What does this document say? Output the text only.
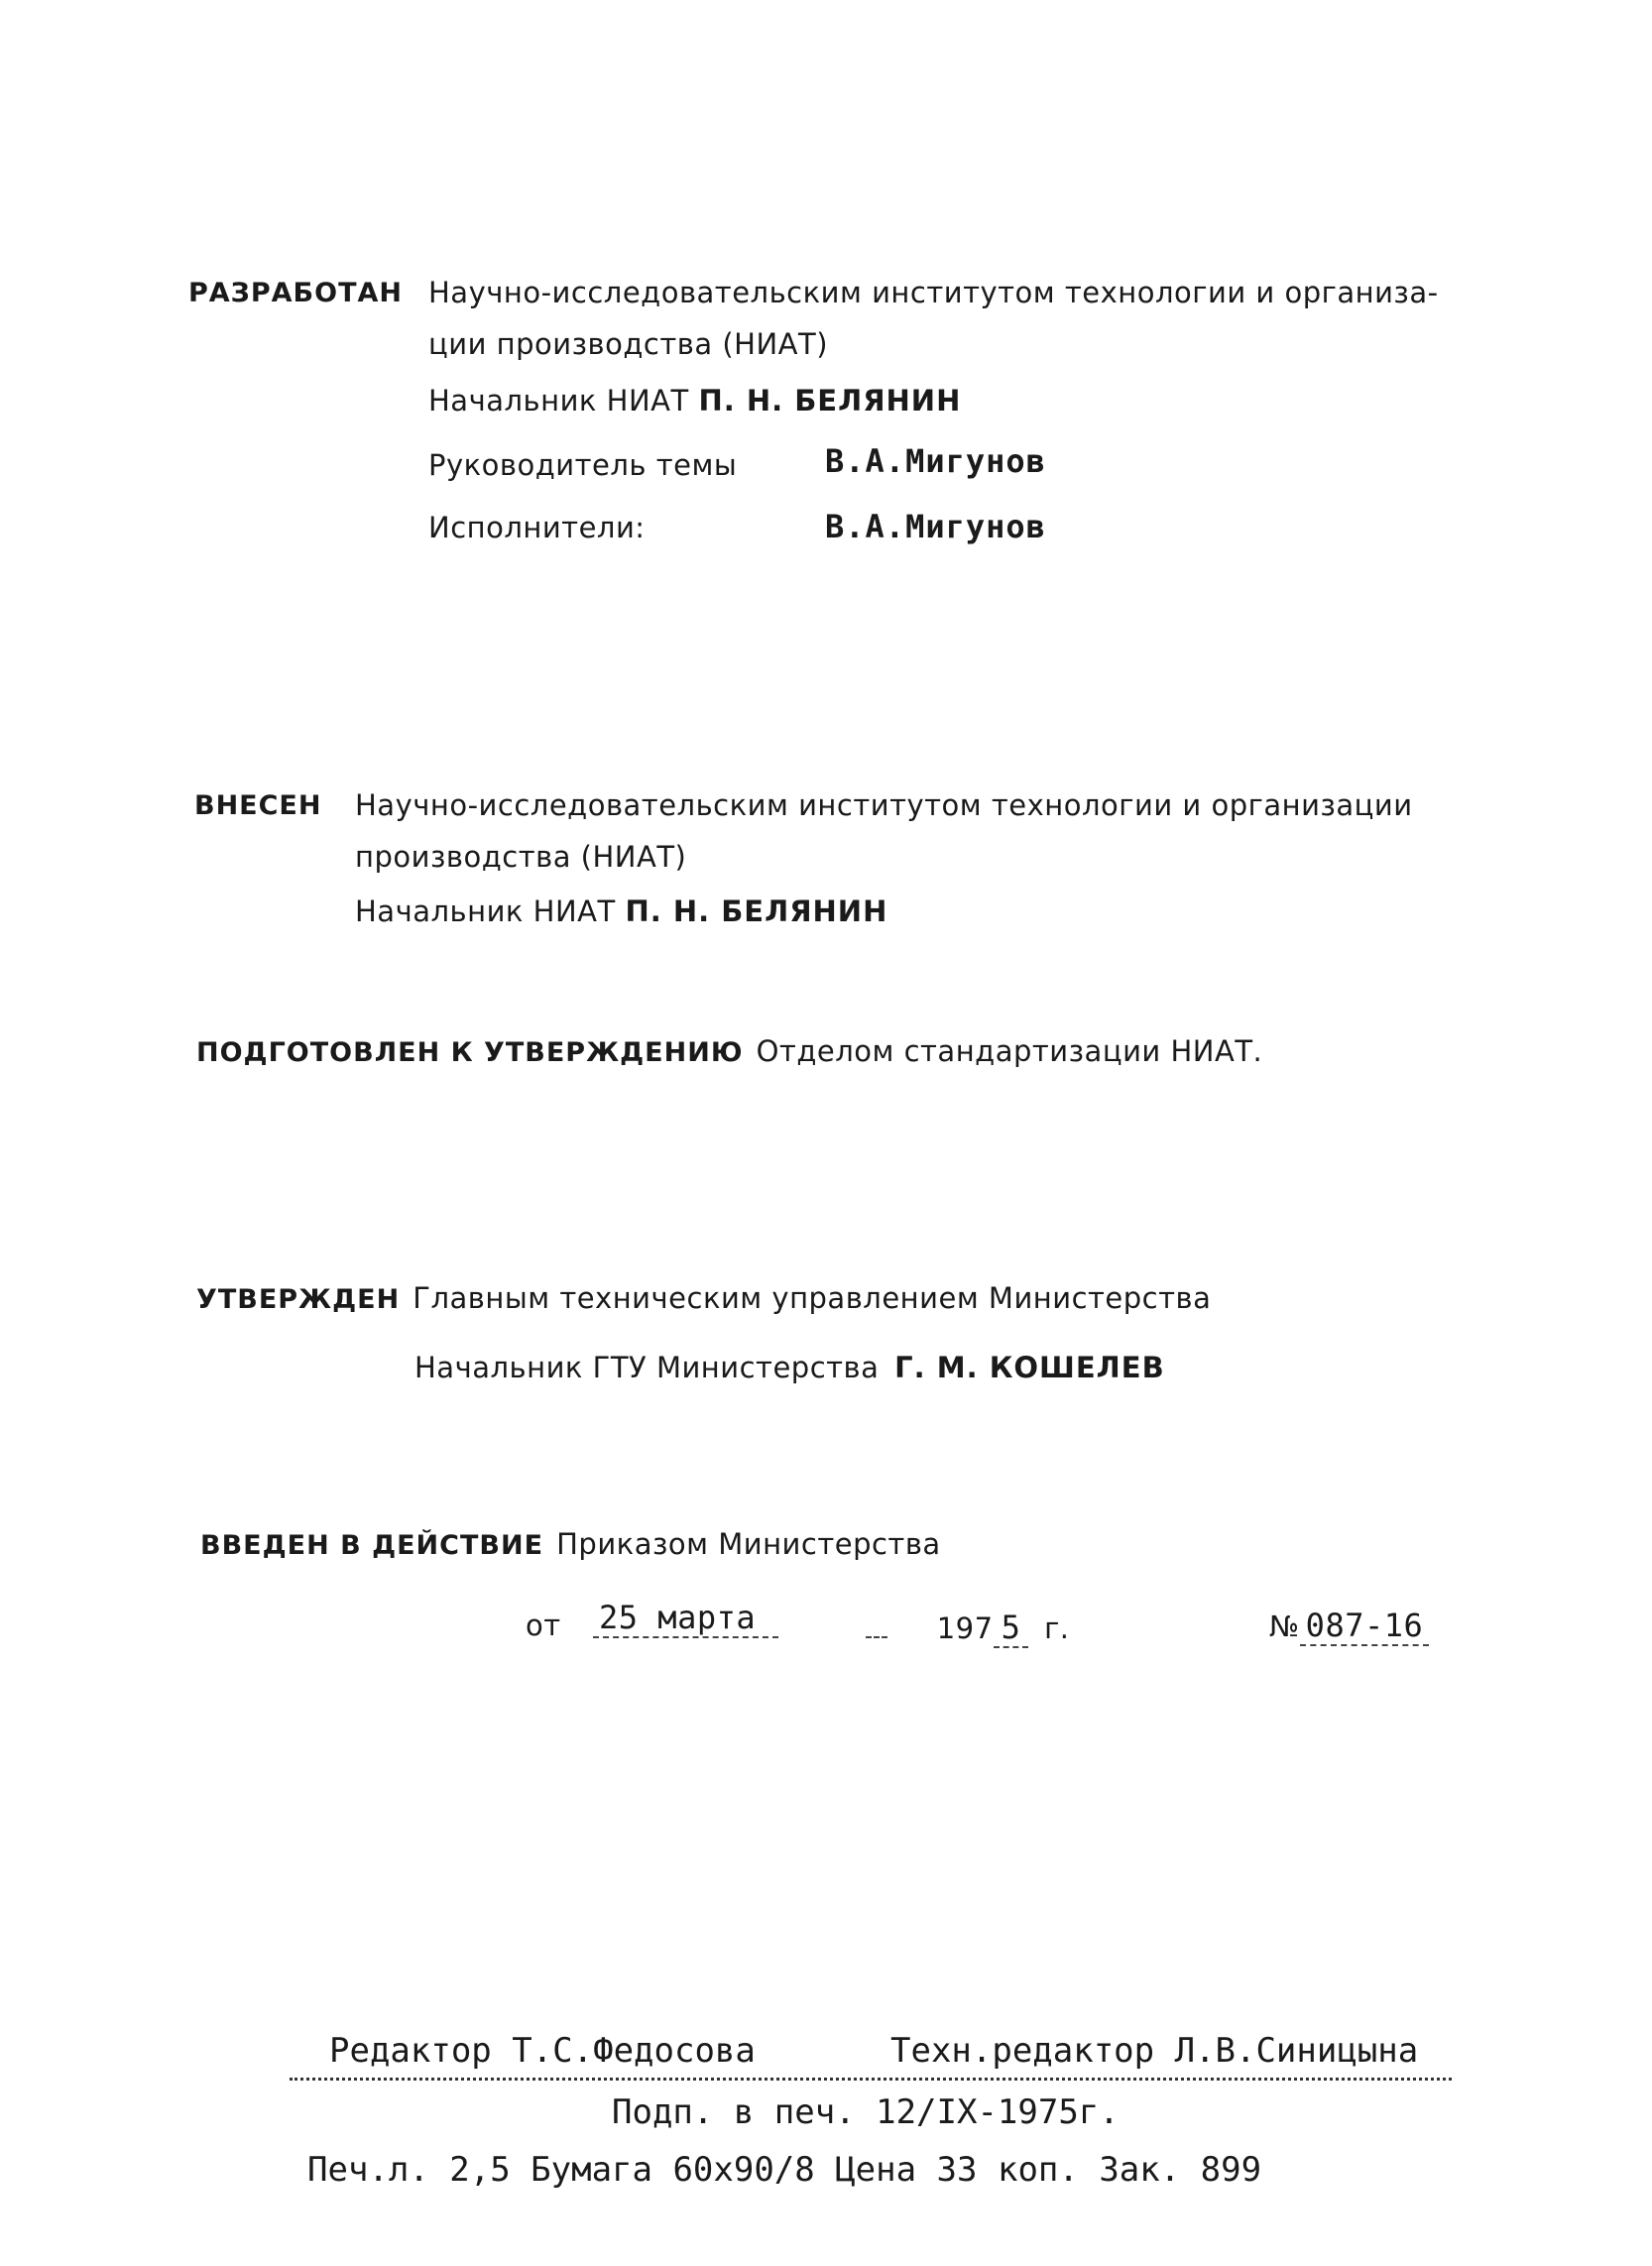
РАЗРАБОТАН Научно-исследовательским институтом технологии и организа-
ции производства (НИАТ)
Начальник НИАТ П. Н. БЕЛЯНИН
Руководитель темы	В.А.Мигунов
Исполнители:	В.А.Мигунов
ВНЕСЕН Научно-исследовательским институтом технологии и организации
производства (НИАТ)
Начальник НИАТ П. Н. БЕЛЯНИН
ПОДГОТОВЛЕН К УТВЕРЖДЕНИЮ Отделом стандартизации НИАТ.
УТВЕРЖДЕН Главным техническим управлением Министерства
Начальник ГТУ Министерства Г. М. КОШЕЛЕВ
ВВЕДЕН В ДЕЙСТВИЕ Приказом Министерства
от 25 марта	197 5 г.	№ 087-16
Редактор Т.С.Федосова	Техн.редактор Л.В.Синицына
Подп. в печ. 12/IX-1975г.
Печ.л. 2,5 Бумага 60х90/8 Цена 33 коп. Зак. 899
